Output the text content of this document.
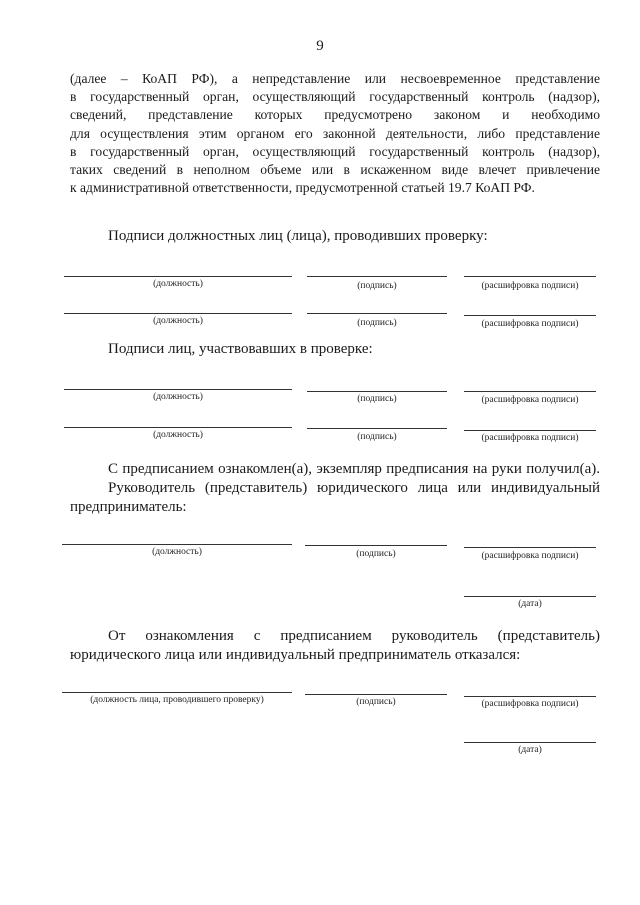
9
(далее – КоАП РФ), а непредставление или несвоевременное представление
в государственный орган, осуществляющий государственный контроль (надзор),
сведений, представление которых предусмотрено законом и необходимо
для осуществления этим органом его законной деятельности, либо представление
в государственный орган, осуществляющий государственный контроль (надзор),
таких сведений в неполном объеме или в искаженном виде влечет привлечение
к административной ответственности, предусмотренной статьей 19.7 КоАП РФ.
Подписи должностных лиц (лица), проводивших проверку:
(должность)	(подпись)	(расшифровка подписи)
(должность)	(подпись)	(расшифровка подписи)
Подписи лиц, участвовавших в проверке:
(должность)	(подпись)	(расшифровка подписи)
(должность)	(подпись)	(расшифровка подписи)
С предписанием ознакомлен(а), экземпляр предписания на руки получил(а).
Руководитель (представитель) юридического лица или индивидуальный
предприниматель:
(должность)	(подпись)	(расшифровка подписи)
(дата)
От ознакомления с предписанием руководитель (представитель)
юридического лица или индивидуальный предприниматель отказался:
(должность лица, проводившего проверку)	(подпись)	(расшифровка подписи)
(дата)
